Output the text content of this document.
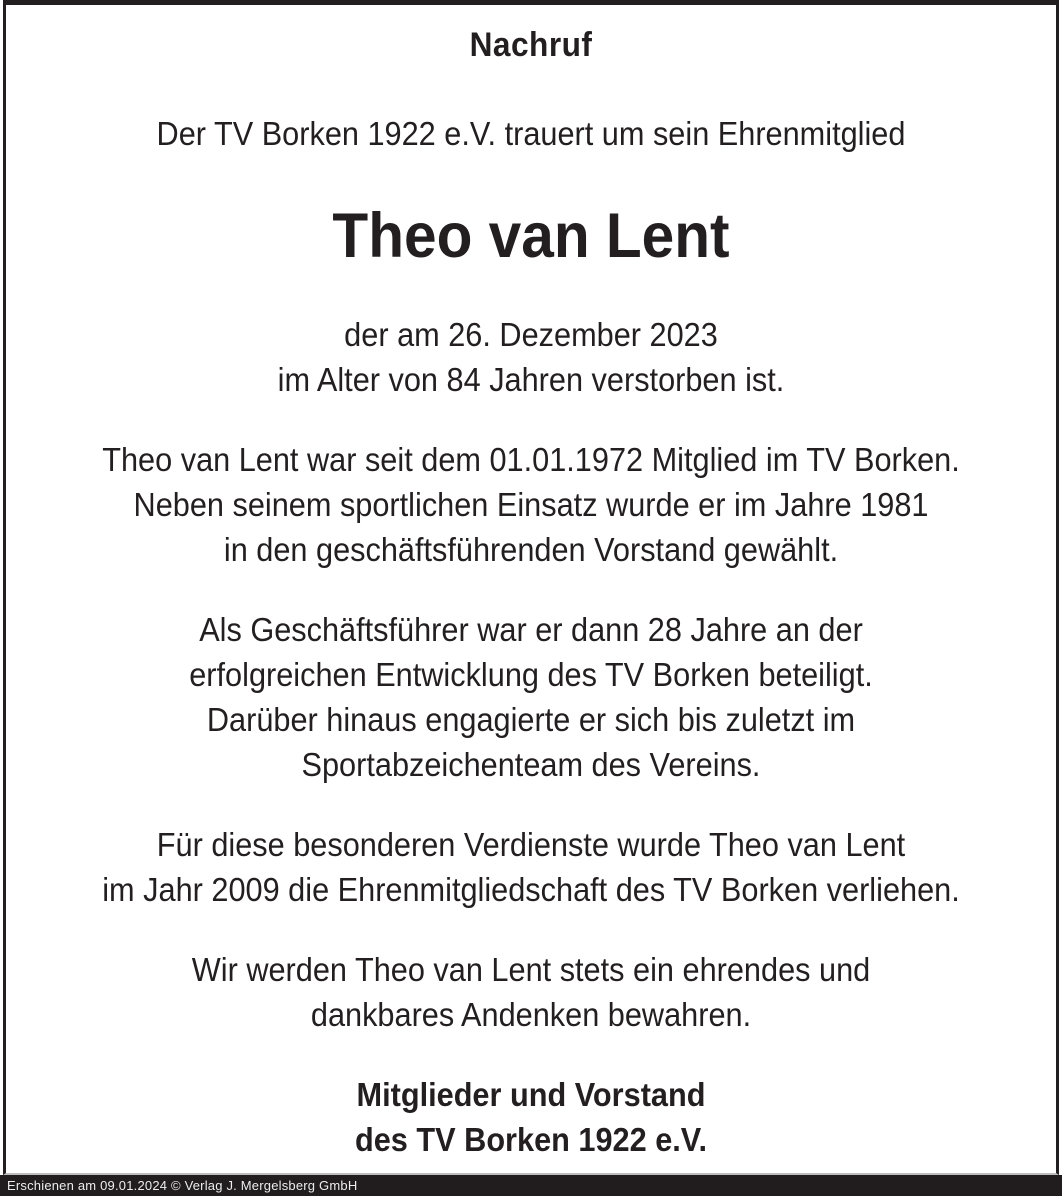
Nachruf
Der TV Borken 1922 e.V. trauert um sein Ehrenmitglied
Theo van Lent
der am 26. Dezember 2023
im Alter von 84 Jahren verstorben ist.
Theo van Lent war seit dem 01.01.1972 Mitglied im TV Borken.
Neben seinem sportlichen Einsatz wurde er im Jahre 1981
in den geschäftsführenden Vorstand gewählt.
Als Geschäftsführer war er dann 28 Jahre an der
erfolgreichen Entwicklung des TV Borken beteiligt.
Darüber hinaus engagierte er sich bis zuletzt im
Sportabzeichenteam des Vereins.
Für diese besonderen Verdienste wurde Theo van Lent
im Jahr 2009 die Ehrenmitgliedschaft des TV Borken verliehen.
Wir werden Theo van Lent stets ein ehrendes und
dankbares Andenken bewahren.
Mitglieder und Vorstand
des TV Borken 1922 e.V.
Erschienen am 09.01.2024 © Verlag J. Mergelsberg GmbH
